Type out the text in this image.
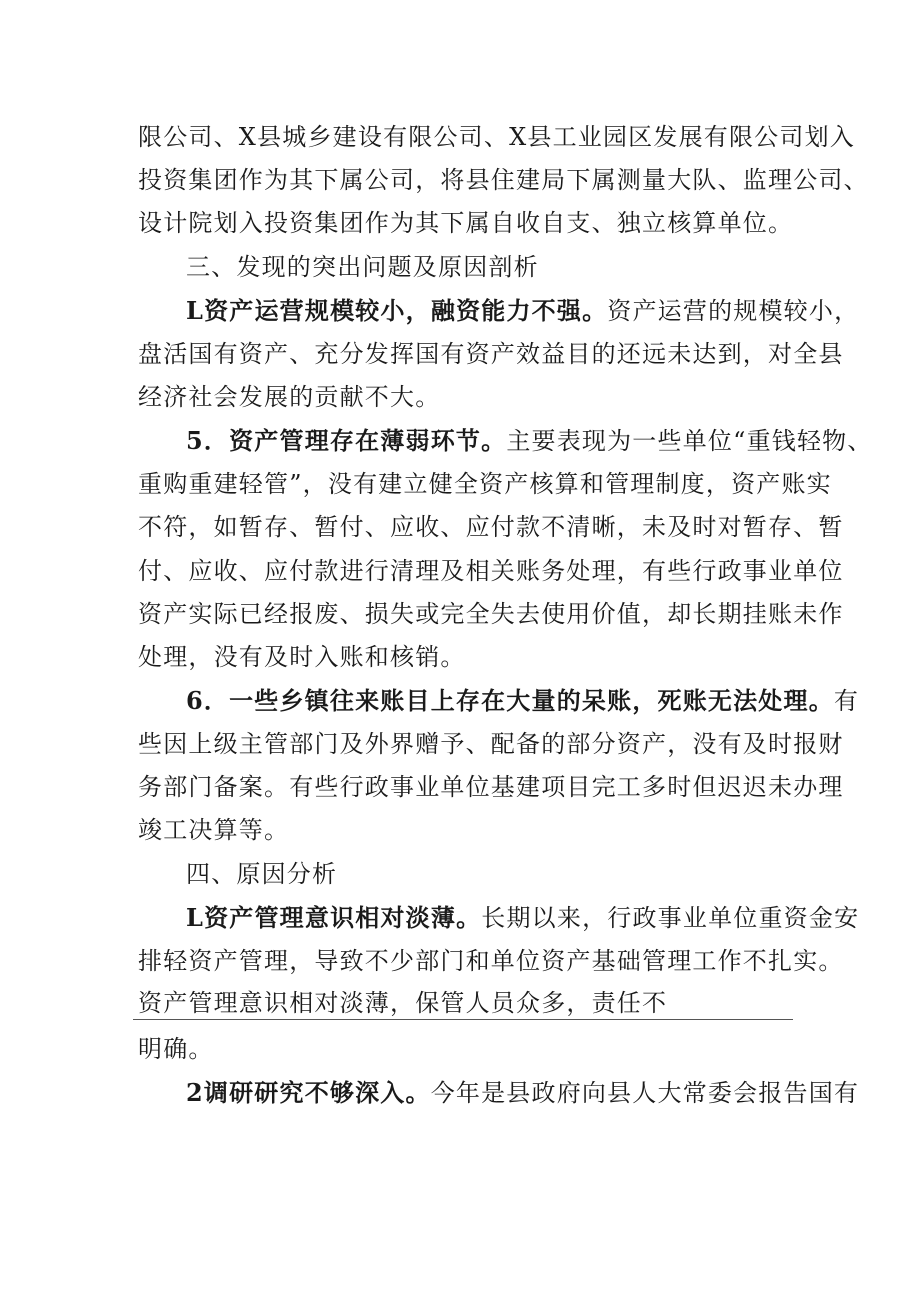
限公司、X县城乡建设有限公司、X县工业园区发展有限公司划入
投资集团作为其下属公司，将县住建局下属测量大队、监理公司、
设计院划入投资集团作为其下属自收自支、独立核算单位。
三、发现的突出问题及原因剖析
L资产运营规模较小，融资能力不强。资产运营的规模较小，
盘活国有资产、充分发挥国有资产效益目的还远未达到，对全县
经济社会发展的贡献不大。
5．资产管理存在薄弱环节。主要表现为一些单位“重钱轻物、
重购重建轻管”，没有建立健全资产核算和管理制度，资产账实
不符，如暂存、暂付、应收、应付款不清晰，未及时对暂存、暂
付、应收、应付款进行清理及相关账务处理，有些行政事业单位
资产实际已经报废、损失或完全失去使用价值，却长期挂账未作
处理，没有及时入账和核销。
6．一些乡镇往来账目上存在大量的呆账，死账无法处理。有
些因上级主管部门及外界赠予、配备的部分资产，没有及时报财
务部门备案。有些行政事业单位基建项目完工多时但迟迟未办理
竣工决算等。
四、原因分析
L资产管理意识相对淡薄。长期以来，行政事业单位重资金安
排轻资产管理，导致不少部门和单位资产基础管理工作不扎实。
资产管理意识相对淡薄，保管人员众多，责任不
明确。
2调研研究不够深入。今年是县政府向县人大常委会报告国有
